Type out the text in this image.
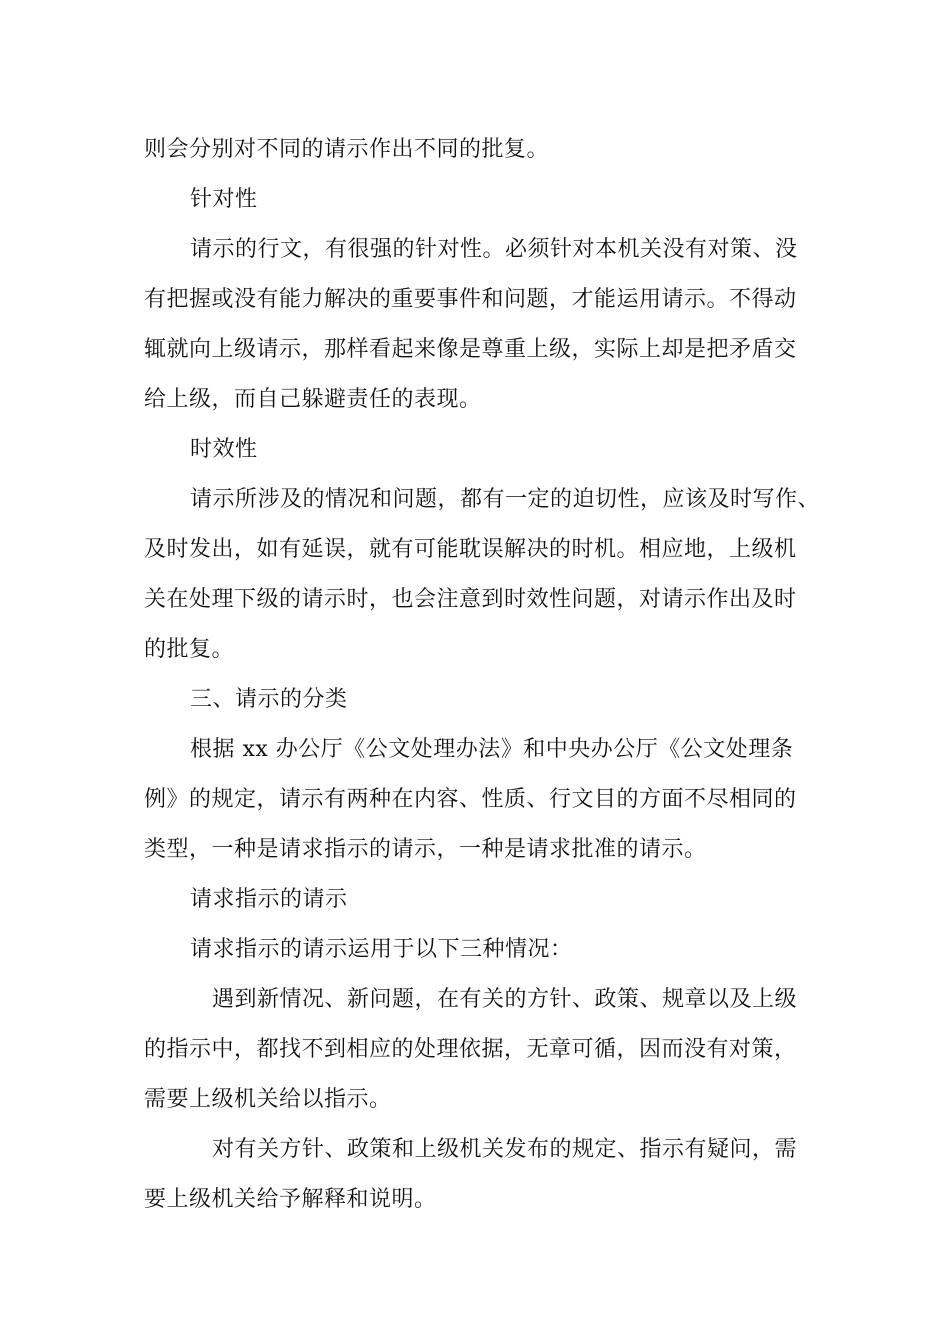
则会分别对不同的请示作出不同的批复。
针对性
请示的行文，有很强的针对性。必须针对本机关没有对策、没
有把握或没有能力解决的重要事件和问题，才能运用请示。不得动
辄就向上级请示，那样看起来像是尊重上级，实际上却是把矛盾交
给上级，而自己躲避责任的表现。
时效性
请示所涉及的情况和问题，都有一定的迫切性，应该及时写作、
及时发出，如有延误，就有可能耽误解决的时机。相应地，上级机
关在处理下级的请示时，也会注意到时效性问题，对请示作出及时
的批复。
三、请示的分类
根据 xx 办公厅《公文处理办法》和中央办公厅《公文处理条
例》的规定，请示有两种在内容、性质、行文目的方面不尽相同的
类型，一种是请求指示的请示，一种是请求批准的请示。
请求指示的请示
请求指示的请示运用于以下三种情况：
遇到新情况、新问题，在有关的方针、政策、规章以及上级
的指示中，都找不到相应的处理依据，无章可循，因而没有对策，
需要上级机关给以指示。
对有关方针、政策和上级机关发布的规定、指示有疑问，需
要上级机关给予解释和说明。
